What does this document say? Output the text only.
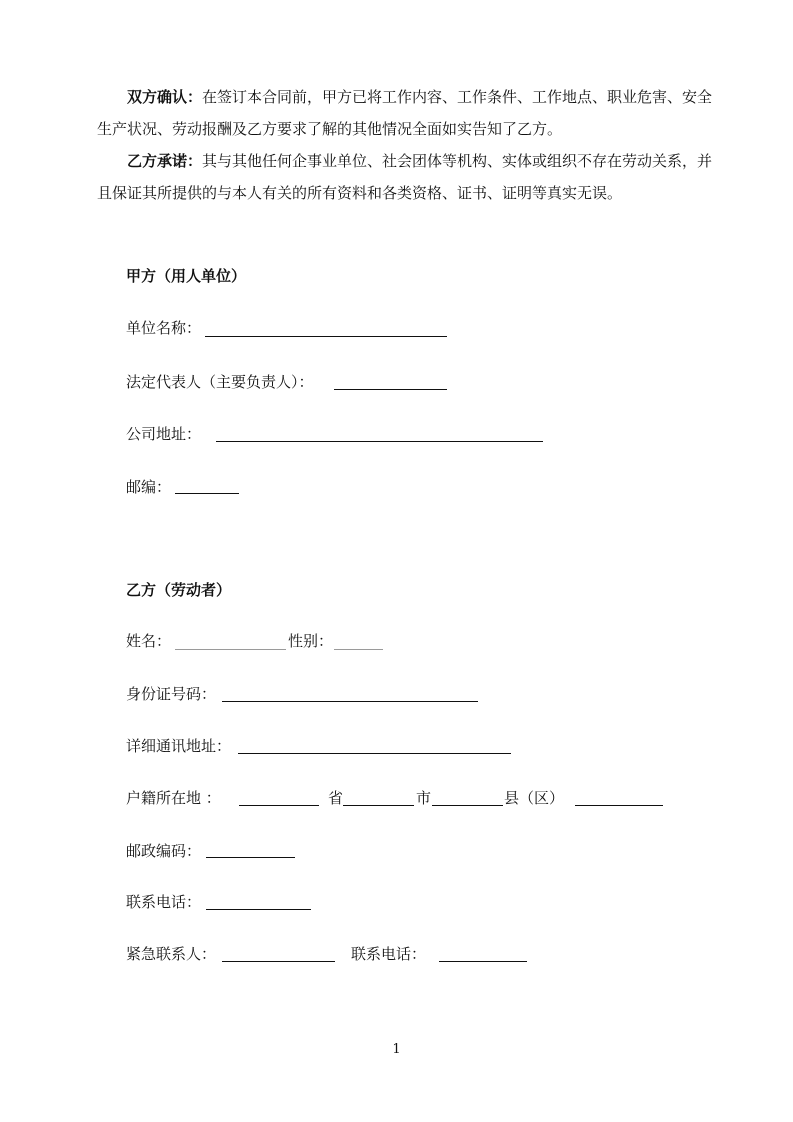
双方确认：在签订本合同前，甲方已将工作内容、工作条件、工作地点、职业危害、安全生产状况、劳动报酬及乙方要求了解的其他情况全面如实告知了乙方。

乙方承诺：其与其他任何企事业单位、社会团体等机构、实体或组织不存在劳动关系，并且保证其所提供的与本人有关的所有资料和各类资格、证书、证明等真实无误。

甲方（用人单位）
单位名称：
法定代表人（主要负责人）：
公司地址：
邮编：
乙方（劳动者）
姓名：	性别：
身份证号码：
详细通讯地址：
户籍所在地 ：	省	市	县（区）
邮政编码：
联系电话：
紧急联系人：	联系电话：
1
